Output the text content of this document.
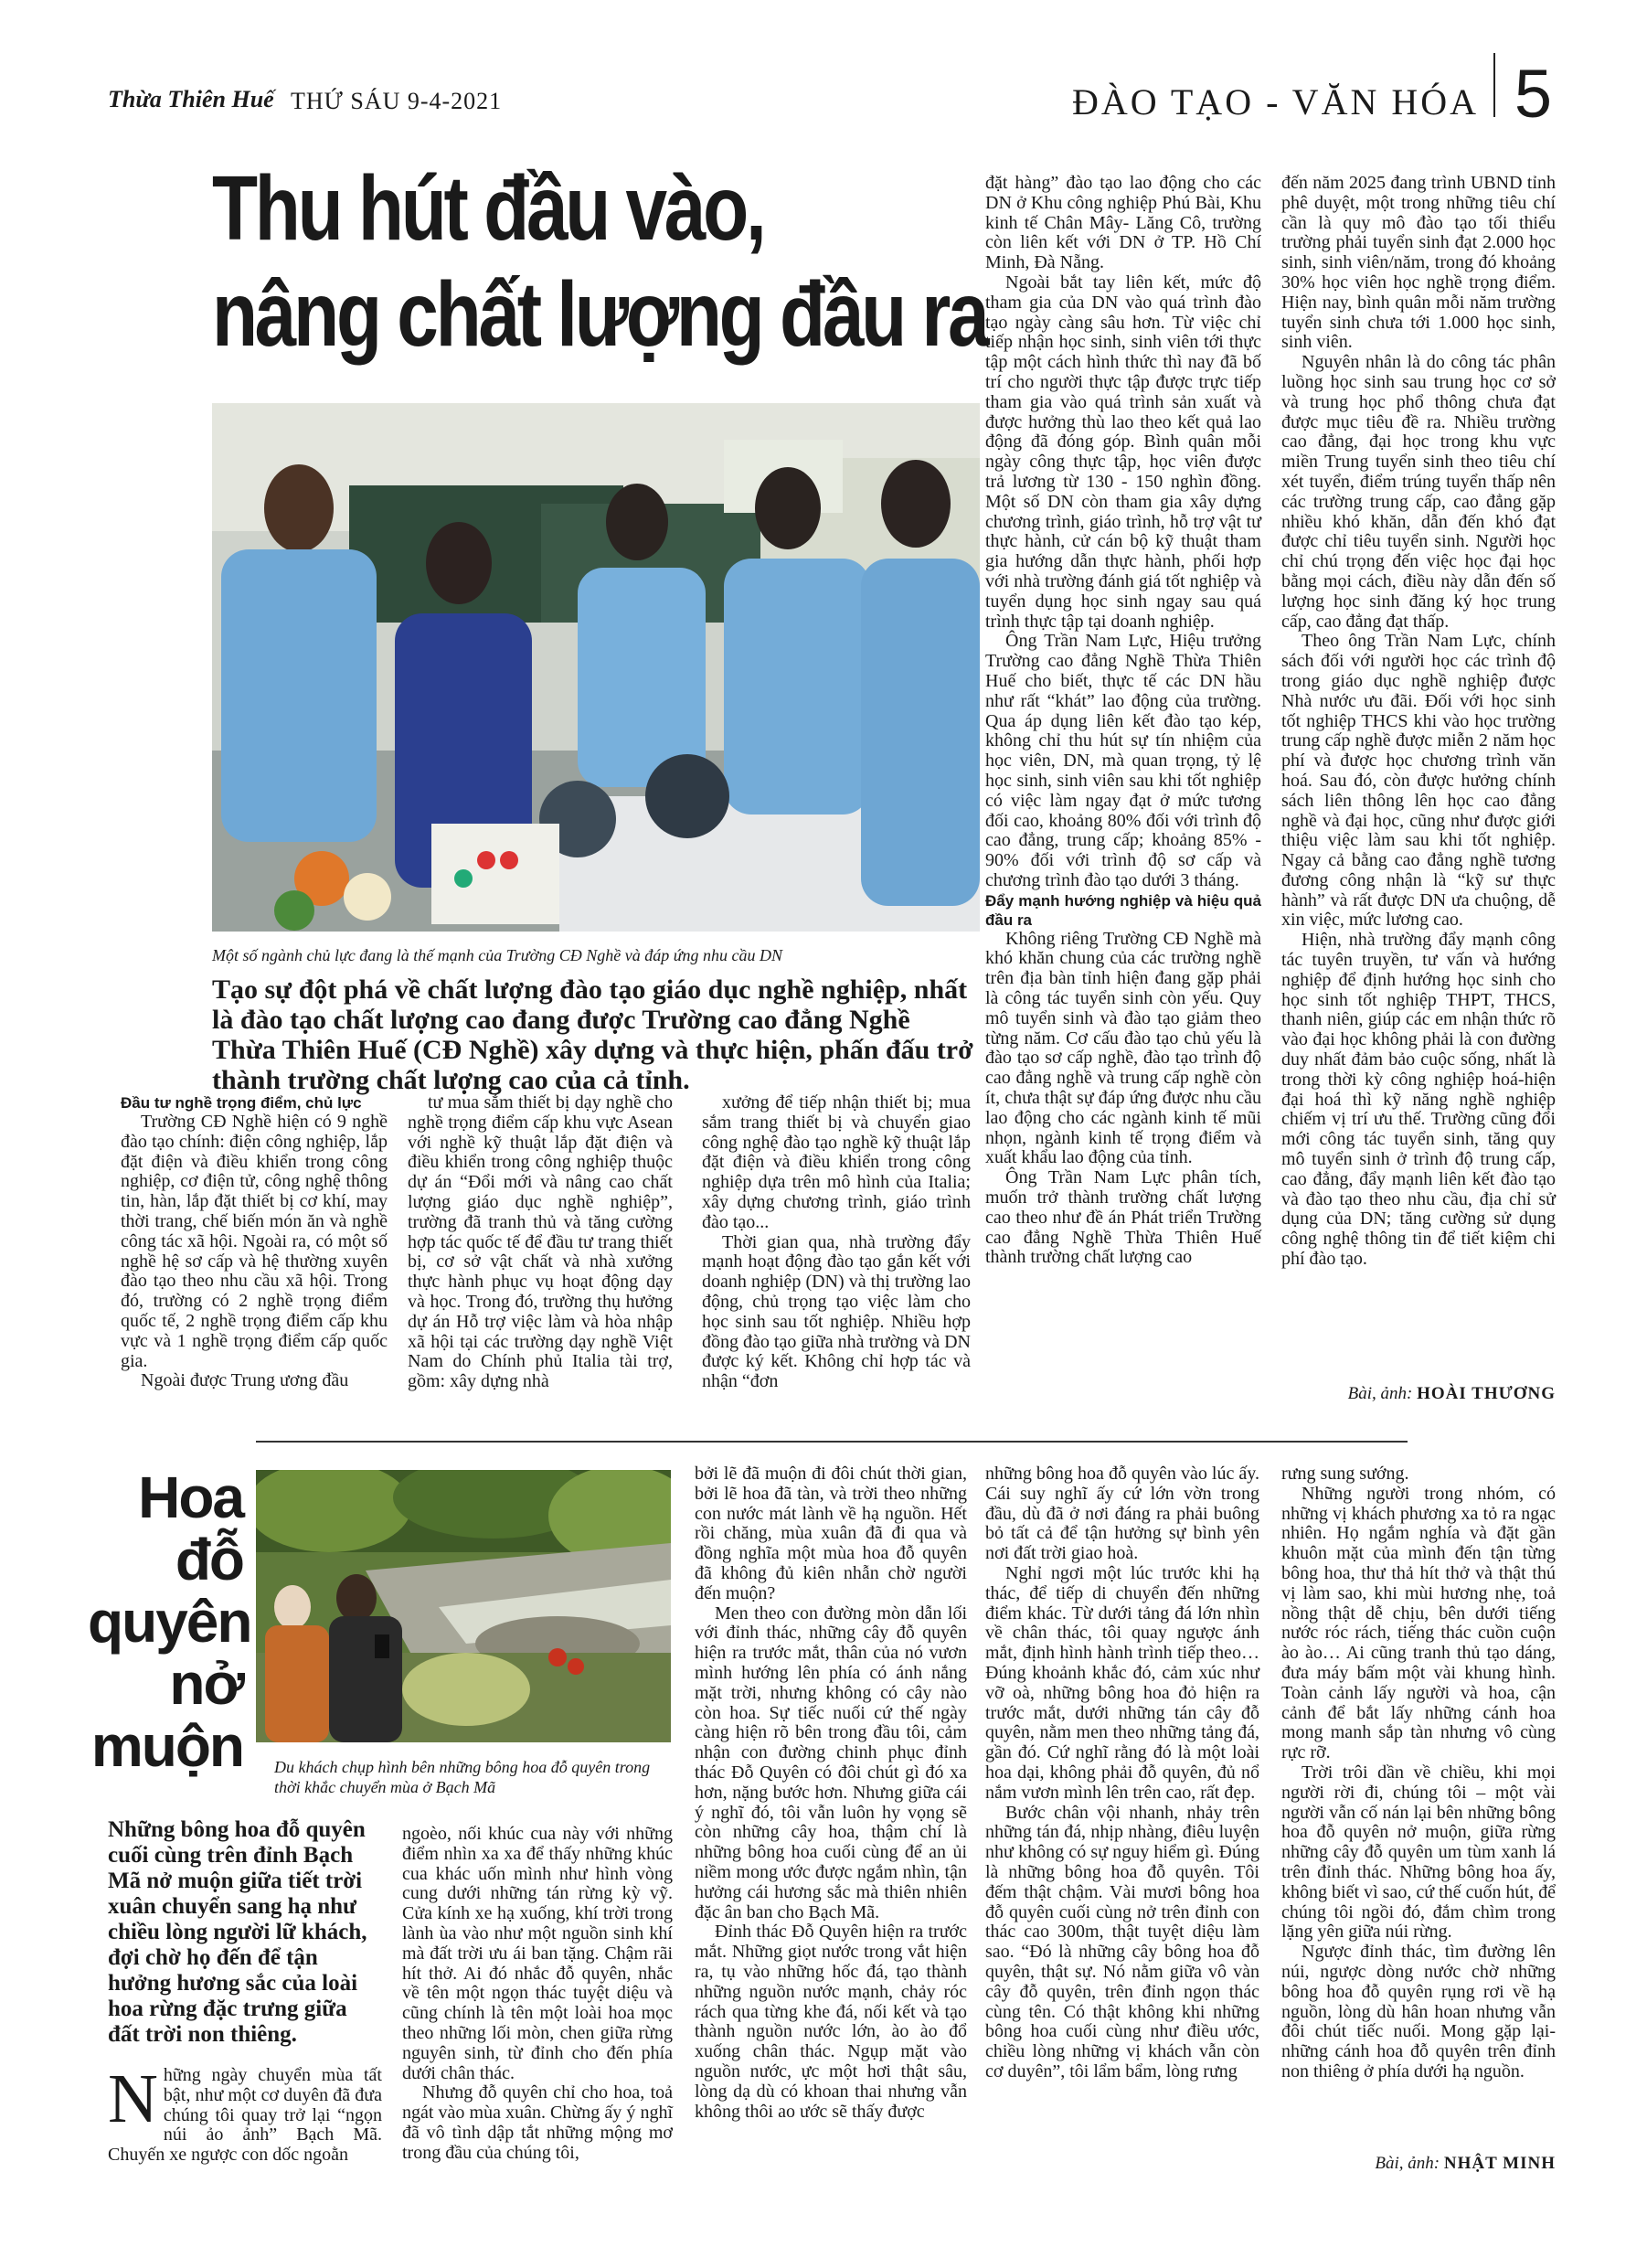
Thừa Thiên Huế THỨ SÁU 9-4-2021	ĐÀO TẠO - VĂN HÓA 5
Thu hút đầu vào,
nâng chất lượng đầu ra
Một số ngành chủ lực đang là thế mạnh của Trường CĐ Nghề và đáp ứng nhu cầu DN
Tạo sự đột phá về chất lượng đào tạo giáo dục nghề nghiệp, nhất là đào tạo chất lượng cao đang được Trường cao đẳng Nghề Thừa Thiên Huế (CĐ Nghề) xây dựng và thực hiện, phấn đấu trở thành trường chất lượng cao của cả tỉnh.

Đầu tư nghề trọng điểm, chủ lực

Trường CĐ Nghề hiện có 9 nghề đào tạo chính: điện công nghiệp, lắp đặt điện và điều khiển trong công nghiệp, cơ điện tử, công nghệ thông tin, hàn, lắp đặt thiết bị cơ khí, may thời trang, chế biến món ăn và nghề công tác xã hội. Ngoài ra, có một số nghề hệ sơ cấp và hệ thường xuyên đào tạo theo nhu cầu xã hội. Trong đó, trường có 2 nghề trọng điểm quốc tế, 2 nghề trọng điểm cấp khu vực và 1 nghề trọng điểm cấp quốc gia.

Ngoài được Trung ương đầu

tư mua sắm thiết bị dạy nghề cho nghề trọng điểm cấp khu vực Asean với nghề kỹ thuật lắp đặt điện và điều khiển trong công nghiệp thuộc dự án “Đổi mới và nâng cao chất lượng giáo dục nghề nghiệp”, trường đã tranh thủ và tăng cường hợp tác quốc tế để đầu tư trang thiết bị, cơ sở vật chất và nhà xưởng thực hành phục vụ hoạt động dạy và học. Trong đó, trường thụ hưởng dự án Hỗ trợ việc làm và hòa nhập xã hội tại các trường dạy nghề Việt Nam do Chính phủ Italia tài trợ, gồm: xây dựng nhà

xưởng để tiếp nhận thiết bị; mua sắm trang thiết bị và chuyển giao công nghệ đào tạo nghề kỹ thuật lắp đặt điện và điều khiển trong công nghiệp dựa trên mô hình của Italia; xây dựng chương trình, giáo trình đào tạo...

Thời gian qua, nhà trường đẩy mạnh hoạt động đào tạo gắn kết với doanh nghiệp (DN) và thị trường lao động, chủ trọng tạo việc làm cho học sinh sau tốt nghiệp. Nhiều hợp đồng đào tạo giữa nhà trường và DN được ký kết. Không chỉ hợp tác và nhận “đơn

đặt hàng” đào tạo lao động cho các DN ở Khu công nghiệp Phú Bài, Khu kinh tế Chân Mây- Lăng Cô, trường còn liên kết với DN ở TP. Hồ Chí Minh, Đà Nẵng.

Ngoài bắt tay liên kết, mức độ tham gia của DN vào quá trình đào tạo ngày càng sâu hơn. Từ việc chỉ tiếp nhận học sinh, sinh viên tới thực tập một cách hình thức thì nay đã bố trí cho người thực tập được trực tiếp tham gia vào quá trình sản xuất và được hưởng thù lao theo kết quả lao động đã đóng góp. Bình quân mỗi ngày công thực tập, học viên được trả lương từ 130 - 150 nghìn đồng. Một số DN còn tham gia xây dựng chương trình, giáo trình, hỗ trợ vật tư thực hành, cử cán bộ kỹ thuật tham gia hướng dẫn thực hành, phối hợp với nhà trường đánh giá tốt nghiệp và tuyển dụng học sinh ngay sau quá trình thực tập tại doanh nghiệp.

Ông Trần Nam Lực, Hiệu trưởng Trường cao đẳng Nghề Thừa Thiên Huế cho biết, thực tế các DN hầu như rất “khát” lao động của trường. Qua áp dụng liên kết đào tạo kép, không chỉ thu hút sự tín nhiệm của học viên, DN, mà quan trọng, tỷ lệ học sinh, sinh viên sau khi tốt nghiệp có việc làm ngay đạt ở mức tương đối cao, khoảng 80% đối với trình độ cao đẳng, trung cấp; khoảng 85% - 90% đối với trình độ sơ cấp và chương trình đào tạo dưới 3 tháng.

Đẩy mạnh hướng nghiệp và hiệu quả đầu ra

Không riêng Trường CĐ Nghề mà khó khăn chung của các trường nghề trên địa bàn tỉnh hiện đang gặp phải là công tác tuyển sinh còn yếu. Quy mô tuyển sinh và đào tạo giảm theo từng năm. Cơ cấu đào tạo chủ yếu là đào tạo sơ cấp nghề, đào tạo trình độ cao đẳng nghề và trung cấp nghề còn ít, chưa thật sự đáp ứng được nhu cầu lao động cho các ngành kinh tế mũi nhọn, ngành kinh tế trọng điểm và xuất khẩu lao động của tỉnh.

Ông Trần Nam Lực phân tích, muốn trở thành trường chất lượng cao theo như đề án Phát triển Trường cao đẳng Nghề Thừa Thiên Huế thành trường chất lượng cao

đến năm 2025 đang trình UBND tỉnh phê duyệt, một trong những tiêu chí cần là quy mô đào tạo tối thiểu trường phải tuyển sinh đạt 2.000 học sinh, sinh viên/năm, trong đó khoảng 30% học viên học nghề trọng điểm. Hiện nay, bình quân mỗi năm trường tuyển sinh chưa tới 1.000 học sinh, sinh viên.

Nguyên nhân là do công tác phân luồng học sinh sau trung học cơ sở và trung học phổ thông chưa đạt được mục tiêu đề ra. Nhiều trường cao đẳng, đại học trong khu vực miền Trung tuyển sinh theo tiêu chí xét tuyển, điểm trúng tuyển thấp nên các trường trung cấp, cao đẳng gặp nhiều khó khăn, dẫn đến khó đạt được chỉ tiêu tuyển sinh. Người học chỉ chú trọng đến việc học đại học bằng mọi cách, điều này dẫn đến số lượng học sinh đăng ký học trung cấp, cao đẳng đạt thấp.

Theo ông Trần Nam Lực, chính sách đối với người học các trình độ trong giáo dục nghề nghiệp được Nhà nước ưu đãi. Đối với học sinh tốt nghiệp THCS khi vào học trường trung cấp nghề được miễn 2 năm học phí và được học chương trình văn hoá. Sau đó, còn được hưởng chính sách liên thông lên học cao đẳng nghề và đại học, cũng như được giới thiệu việc làm sau khi tốt nghiệp. Ngay cả bằng cao đẳng nghề tương đương công nhận là “kỹ sư thực hành” và rất được DN ưa chuộng, dễ xin việc, mức lương cao.

Hiện, nhà trường đẩy mạnh công tác tuyên truyền, tư vấn và hướng nghiệp để định hướng học sinh cho học sinh tốt nghiệp THPT, THCS, thanh niên, giúp các em nhận thức rõ vào đại học không phải là con đường duy nhất đảm bảo cuộc sống, nhất là trong thời kỳ công nghiệp hoá-hiện đại hoá thì kỹ năng nghề nghiệp chiếm vị trí ưu thế. Trường cũng đổi mới công tác tuyển sinh, tăng quy mô tuyển sinh ở trình độ trung cấp, cao đẳng, đẩy mạnh liên kết đào tạo và đào tạo theo nhu cầu, địa chỉ sử dụng của DN; tăng cường sử dụng công nghệ thông tin để tiết kiệm chi phí đào tạo.

Bài, ảnh: HOÀI THƯƠNG
Hoa
đỗ
quyên
nở
muộn Du khách chụp hình bên những bông hoa đỗ quyên trong thời khắc chuyển mùa ở Bạch Mã
Những bông hoa đỗ quyên cuối cùng trên đỉnh Bạch Mã nở muộn giữa tiết trời xuân chuyển sang hạ như chiều lòng người lữ khách, đợi chờ họ đến để tận hưởng hương sắc của loài hoa rừng đặc trưng giữa đất trời non thiêng.

Những ngày chuyển mùa tất bật, như một cơ duyên đã đưa chúng tôi quay trở lại “ngọn núi ảo ảnh” Bạch Mã. Chuyến xe ngược con dốc ngoằn

ngoèo, nối khúc cua này với những điểm nhìn xa xa để thấy những khúc cua khác uốn mình như hình vòng cung dưới những tán rừng kỳ vỹ. Cửa kính xe hạ xuống, khí trời trong lành ùa vào như một nguồn sinh khí mà đất trời ưu ái ban tặng. Chậm rãi hít thở. Ai đó nhắc đỗ quyên, nhắc về tên một ngọn thác tuyệt diệu và cũng chính là tên một loài hoa mọc theo những lối mòn, chen giữa rừng nguyên sinh, từ đỉnh cho đến phía dưới chân thác.

Nhưng đỗ quyên chỉ cho hoa, toả ngát vào mùa xuân. Chừng ấy ý nghĩ đã vô tình dập tắt những mộng mơ trong đầu của chúng tôi,

bởi lẽ đã muộn đi đôi chút thời gian, bởi lẽ hoa đã tàn, và trời theo những con nước mát lành về hạ nguồn. Hết rồi chăng, mùa xuân đã đi qua và đồng nghĩa một mùa hoa đỗ quyên đã không đủ kiên nhẫn chờ người đến muộn?

Men theo con đường mòn dẫn lối với đỉnh thác, những cây đỗ quyên hiện ra trước mắt, thân của nó vươn mình hướng lên phía có ánh nắng mặt trời, nhưng không có cây nào còn hoa. Sự tiếc nuối cứ thế ngày càng hiện rõ bên trong đầu tôi, cảm nhận con đường chinh phục đỉnh thác Đỗ Quyên có đôi chút gì đó xa hơn, nặng bước hơn. Nhưng giữa cái ý nghĩ đó, tôi vẫn luôn hy vọng sẽ còn những cây hoa, thậm chí là những bông hoa cuối cùng để an ủi niềm mong ước được ngắm nhìn, tận hưởng cái hương sắc mà thiên nhiên đặc ân ban cho Bạch Mã.

Đỉnh thác Đỗ Quyên hiện ra trước mắt. Những giọt nước trong vắt hiện ra, tụ vào những hốc đá, tạo thành những nguồn nước mạnh, chảy róc rách qua từng khe đá, nối kết và tạo thành nguồn nước lớn, ào ào đổ xuống chân thác. Ngụp mặt vào nguồn nước, ực một hơi thật sâu, lòng dạ dù có khoan thai nhưng vẫn không thôi ao ước sẽ thấy được

những bông hoa đỗ quyên vào lúc ấy. Cái suy nghĩ ấy cứ lớn vờn trong đầu, dù đã ở nơi đáng ra phải buông bỏ tất cả để tận hưởng sự bình yên nơi đất trời giao hoà.

Nghỉ ngơi một lúc trước khi hạ thác, để tiếp di chuyển đến những điểm khác. Từ dưới tảng đá lớn nhìn về chân thác, tôi quay ngược ánh mắt, định hình hành trình tiếp theo… Đúng khoảnh khắc đó, cảm xúc như vỡ oà, những bông hoa đỏ hiện ra trước mắt, dưới những tán cây đỗ quyên, nằm men theo những tảng đá, gần đó. Cứ nghĩ rằng đó là một loài hoa dại, không phải đỗ quyên, đủ nổ nắm vươn mình lên trên cao, rất đẹp.

Bước chân vội nhanh, nhảy trên những tán đá, nhịp nhàng, điêu luyện như không có sự nguy hiểm gì. Đúng là những bông hoa đỗ quyên. Tôi đếm thật chậm. Vài mươi bông hoa đỗ quyên cuối cùng nở trên đỉnh con thác cao 300m, thật tuyệt diệu làm sao. “Đó là những cây bông hoa đỗ quyên, thật sự. Nó nằm giữa vô vàn cây đỗ quyên, trên đỉnh ngọn thác cùng tên. Có thật không khi những bông hoa cuối cùng như điều ước, chiều lòng những vị khách vẫn còn cơ duyên”, tôi lẩm bẩm, lòng rưng

rưng sung sướng.

Những người trong nhóm, có những vị khách phương xa tỏ ra ngạc nhiên. Họ ngắm nghía và đặt gần khuôn mặt của mình đến tận từng bông hoa, thư thả hít thở và thật thú vị làm sao, khi mùi hương nhẹ, toả nồng thật dễ chịu, bên dưới tiếng nước róc rách, tiếng thác cuồn cuộn ào ào… Ai cũng tranh thủ tạo dáng, đưa máy bấm một vài khung hình. Toàn cảnh lấy người và hoa, cận cảnh để bắt lấy những cánh hoa mong manh sắp tàn nhưng vô cùng rực rỡ.

Trời trôi dần về chiều, khi mọi người rời đi, chúng tôi – một vài người vẫn cố nán lại bên những bông hoa đỗ quyên nở muộn, giữa rừng những cây đỗ quyên um tùm xanh lá trên đỉnh thác. Những bông hoa ấy, không biết vì sao, cứ thế cuốn hút, để chúng tôi ngồi đó, đắm chìm trong lặng yên giữa núi rừng.

Ngược đỉnh thác, tìm đường lên núi, ngược dòng nước chờ những bông hoa đỗ quyên rụng rơi về hạ nguồn, lòng dù hân hoan nhưng vẫn đôi chút tiếc nuối. Mong gặp lại-những cánh hoa đỗ quyên trên đỉnh non thiêng ở phía dưới hạ nguồn.

Bài, ảnh: NHẬT MINH
